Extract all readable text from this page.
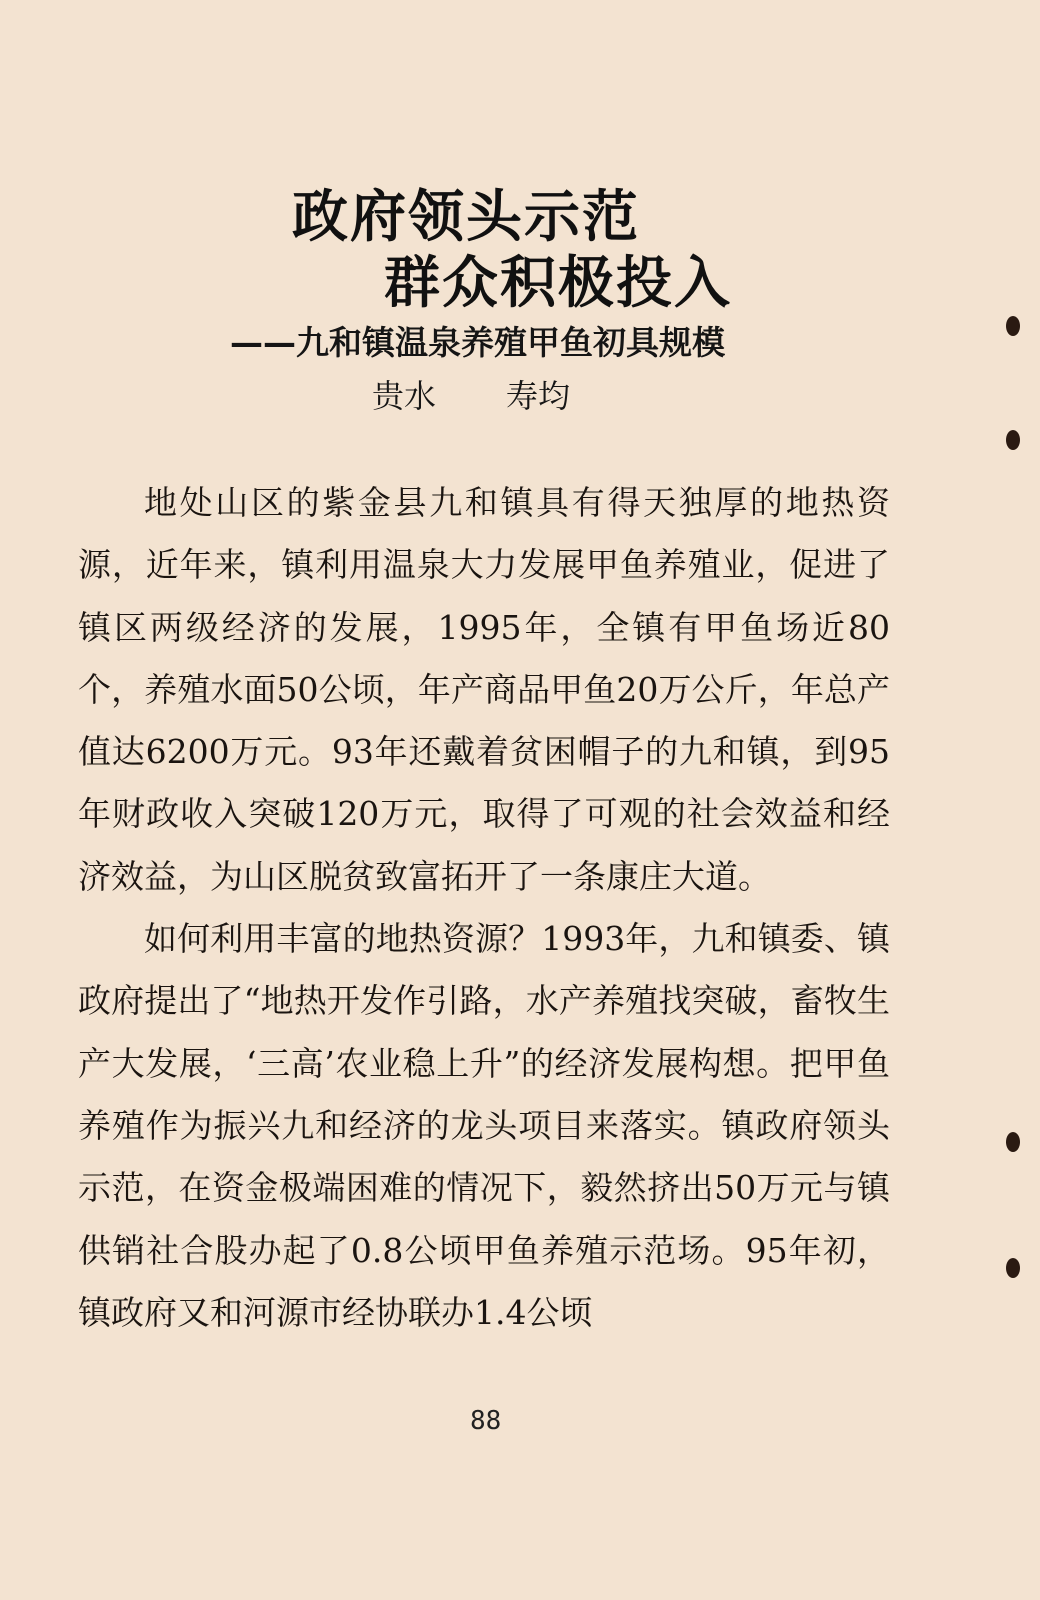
政府领头示范
群众积极投入
——九和镇温泉养殖甲鱼初具规模
贵水 寿均

地处山区的紫金县九和镇具有得天独厚的地热资源，近年来，镇利用温泉大力发展甲鱼养殖业，促进了镇区两级经济的发展，1995年，全镇有甲鱼场近80个，养殖水面50公顷，年产商品甲鱼20万公斤，年总产值达6200万元。93年还戴着贫困帽子的九和镇，到95年财政收入突破120万元，取得了可观的社会效益和经济效益，为山区脱贫致富拓开了一条康庄大道。

如何利用丰富的地热资源？1993年，九和镇委、镇政府提出了“地热开发作引路，水产养殖找突破，畜牧生产大发展，‘三高’农业稳上升”的经济发展构想。把甲鱼养殖作为振兴九和经济的龙头项目来落实。镇政府领头示范，在资金极端困难的情况下，毅然挤出50万元与镇供销社合股办起了0.8公顷甲鱼养殖示范场。95年初，镇政府又和河源市经协联办1.4公顷

88
